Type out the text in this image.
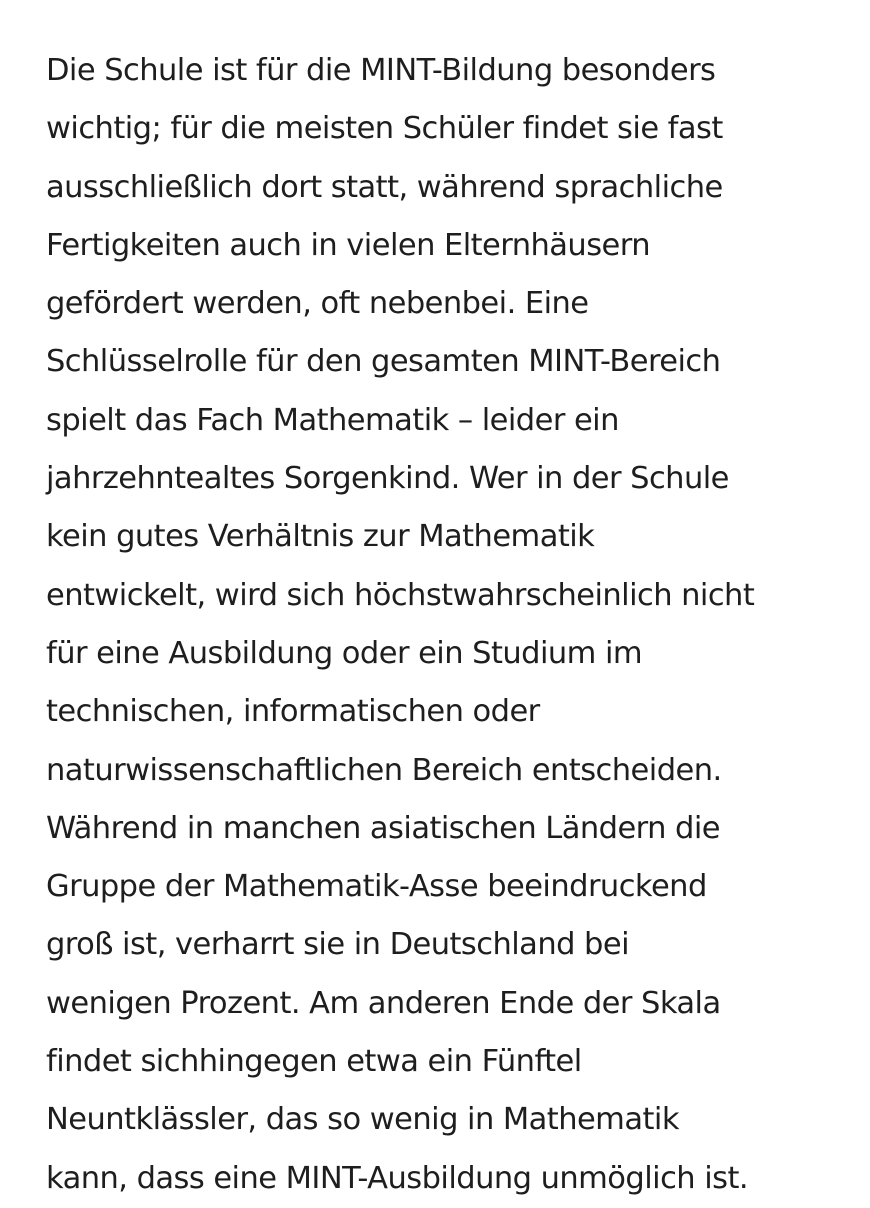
Die Schule ist für die MINT-Bildung besonders
wichtig; für die meisten Schüler findet sie fast
ausschließlich dort statt, während sprachliche
Fertigkeiten auch in vielen Elternhäusern
gefördert werden, oft nebenbei. Eine
Schlüsselrolle für den gesamten MINT-Bereich
spielt das Fach Mathematik – leider ein
jahrzehntealtes Sorgenkind. Wer in der Schule
kein gutes Verhältnis zur Mathematik
entwickelt, wird sich höchstwahrscheinlich nicht
für eine Ausbildung oder ein Studium im
technischen, informatischen oder
naturwissenschaftlichen Bereich entscheiden.
Während in manchen asiatischen Ländern die
Gruppe der Mathematik-Asse beeindruckend
groß ist, verharrt sie in Deutschland bei
wenigen Prozent. Am anderen Ende der Skala
findet sichhingegen etwa ein Fünftel
Neuntklässler, das so wenig in Mathematik
kann, dass eine MINT-Ausbildung unmöglich ist.
